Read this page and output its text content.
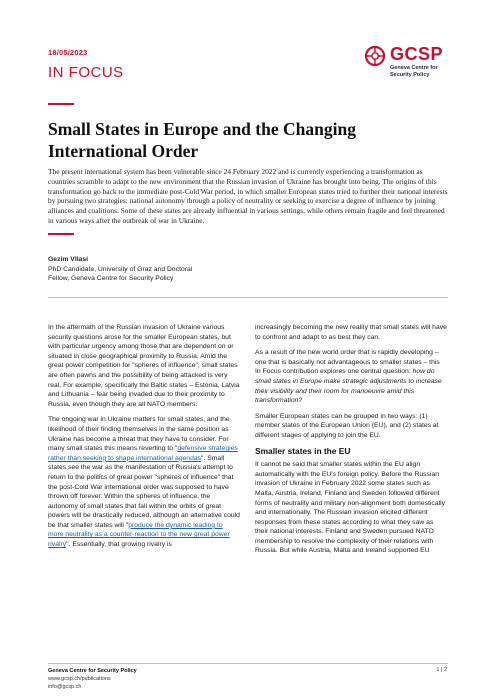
18/05/2023
IN FOCUS
GCSP
Geneva Centre for Security Policy
Small States in Europe and the Changing International Order

The present international system has been vulnerable since 24 February 2022 and is currently experiencing a transformation as countries scramble to adapt to the new environment that the Russian invasion of Ukraine has brought into being. The origins of this transformation go back to the immediate post-Cold War period, in which smaller European states tried to further their national interests by pursuing two strategies: national autonomy through a policy of neutrality or seeking to exercise a degree of influence by joining alliances and coalitions. Some of these states are already influential in various settings, while others remain fragile and feel threatened in various ways after the outbreak of war in Ukraine.

Gezim Vllasi
PhD Candidate, University of Graz and Doctoral
Fellow, Geneva Centre for Security Policy

In the aftermath of the Russian invasion of Ukraine various security questions arose for the smaller European states, but with particular urgency among those that are dependent on or situated in close geographical proximity to Russia. Amid the great power competition for "spheres of influence", small states are often pawns and the possibility of being attacked is very real. For example, specifically the Baltic states – Estonia, Latvia and Lithuania – fear being invaded due to their proximity to Russia, even though they are all NATO members.

The ongoing war in Ukraine matters for small states, and the likelihood of their finding themselves in the same position as Ukraine has become a threat that they have to consider. For many small states this means reverting to "defensive strategies rather than seeking to shape international agendas". Small states see the war as the manifestation of Russia's attempt to return to the politics of great power "spheres of influence" that the post-Cold War international order was supposed to have thrown off forever. Within the spheres of influence, the autonomy of small states that fall within the orbits of great powers will be drastically reduced, although an alternative could be that smaller states will "produce the dynamic leading to more neutrality as a counter-reaction to the new great power rivalry". Essentially, that growing rivalry is

increasingly becoming the new reality that small states will have to confront and adapt to as best they can.

As a result of the new world order that is rapidly developing – one that is basically not advantageous to smaller states – this In Focus contribution explores one central question: how do small states in Europe make strategic adjustments to increase their visibility and their room for manoeuvre amid this transformation?

Smaller European states can be grouped in two ways: (1) member states of the European Union (EU), and (2) states at different stages of applying to join the EU.

Smaller states in the EU

It cannot be said that smaller states within the EU align automatically with the EU's foreign policy. Before the Russian invasion of Ukraine in February 2022 some states such as Malta, Austria, Ireland, Finland and Sweden followed different forms of neutrality and military non-alignment both domestically and internationally. The Russian invasion elicited different responses from these states according to what they saw as their national interests. Finland and Sweden pursued NATO membership to resolve the complexity of their relations with Russia. But while Austria, Malta and Ireland supported EU

Geneva Centre for Security Policy
www.gcsp.ch/publications
info@gcsp.ch
1 | 2
